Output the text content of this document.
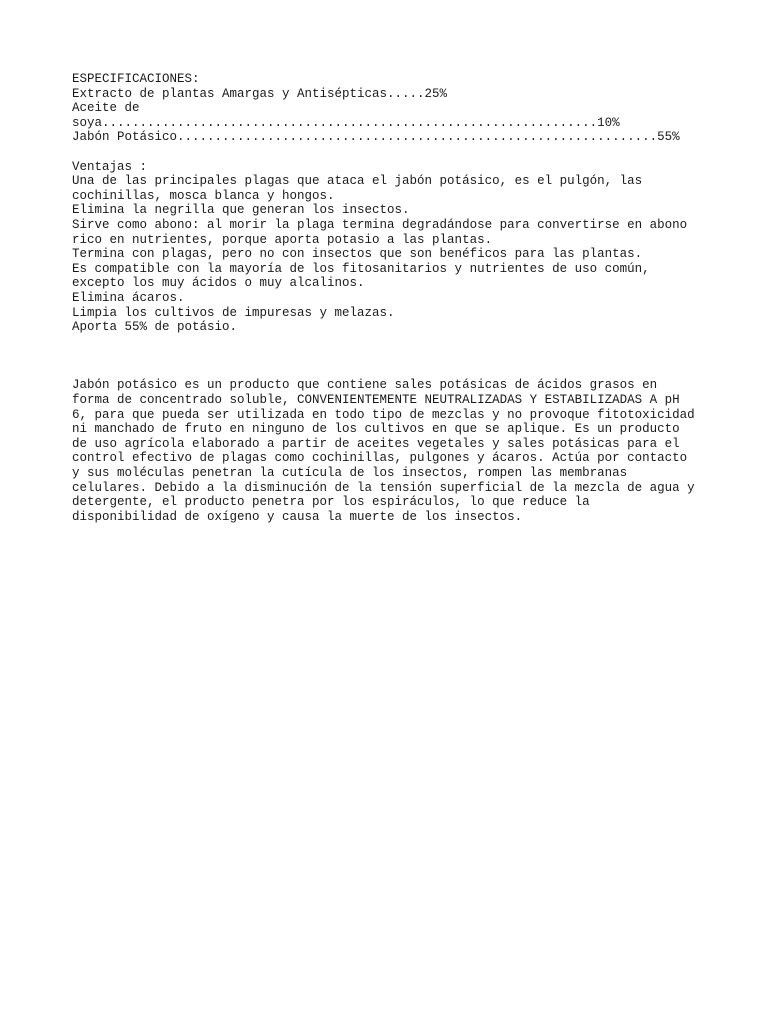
ESPECIFICACIONES:
Extracto de plantas Amargas y Antisépticas.....25%
Aceite de
soya..................................................................10%
Jabón Potásico................................................................55%
Ventajas :
Una de las principales plagas que ataca el jabón potásico, es el pulgón, las
cochinillas, mosca blanca y hongos.
Elimina la negrilla que generan los insectos.
Sirve como abono: al morir la plaga termina degradándose para convertirse en abono
rico en nutrientes, porque aporta potasio a las plantas.
Termina con plagas, pero no con insectos que son benéficos para las plantas.
Es compatible con la mayoría de los fitosanitarios y nutrientes de uso común,
excepto los muy ácidos o muy alcalinos.
Elimina ácaros.
Limpia los cultivos de impuresas y melazas.
Aporta 55% de potásio.
Jabón potásico es un producto que contiene sales potásicas de ácidos grasos en
forma de concentrado soluble, CONVENIENTEMENTE NEUTRALIZADAS Y ESTABILIZADAS A pH
6, para que pueda ser utilizada en todo tipo de mezclas y no provoque fitotoxicidad
ni manchado de fruto en ninguno de los cultivos en que se aplique. Es un producto
de uso agrícola elaborado a partir de aceites vegetales y sales potásicas para el
control efectivo de plagas como cochinillas, pulgones y ácaros. Actúa por contacto
y sus moléculas penetran la cutícula de los insectos, rompen las membranas
celulares. Debido a la disminución de la tensión superficial de la mezcla de agua y
detergente, el producto penetra por los espiráculos, lo que reduce la
disponibilidad de oxígeno y causa la muerte de los insectos.
